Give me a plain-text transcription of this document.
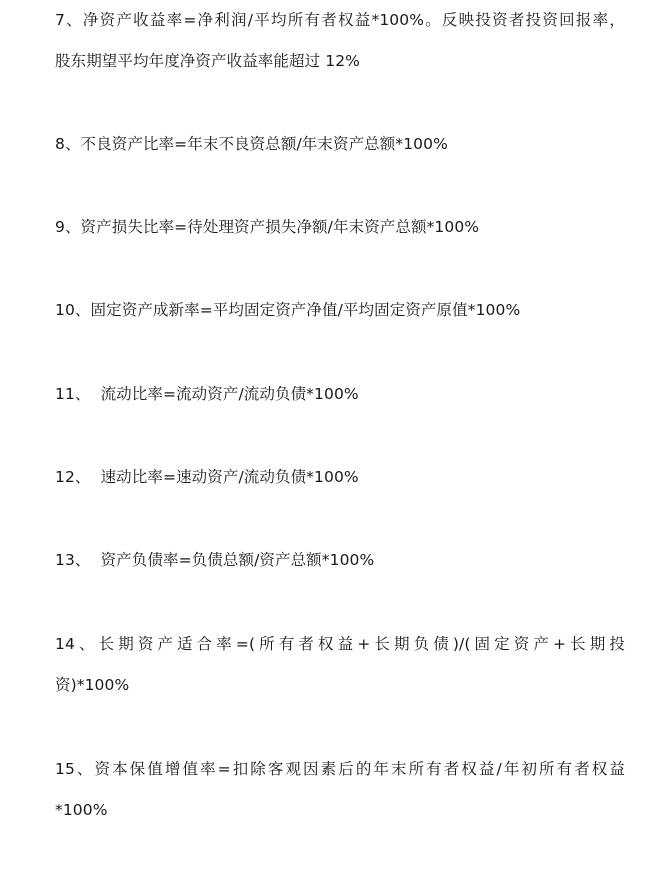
7、净资产收益率=净利润/平均所有者权益*100%。反映投资者投资回报率，
股东期望平均年度净资产收益率能超过 12%
8、不良资产比率=年末不良资总额/年末资产总额*100%
9、资产损失比率=待处理资产损失净额/年末资产总额*100%
10、固定资产成新率=平均固定资产净值/平均固定资产原值*100%
11、  流动比率=流动资产/流动负债*100%
12、  速动比率=速动资产/流动负债*100%
13、  资产负债率=负债总额/资产总额*100%
14、长期资产适合率=(所有者权益+长期负债)/(固定资产+长期投
资)*100%
15、资本保值增值率=扣除客观因素后的年末所有者权益/年初所有者权益
*100%
